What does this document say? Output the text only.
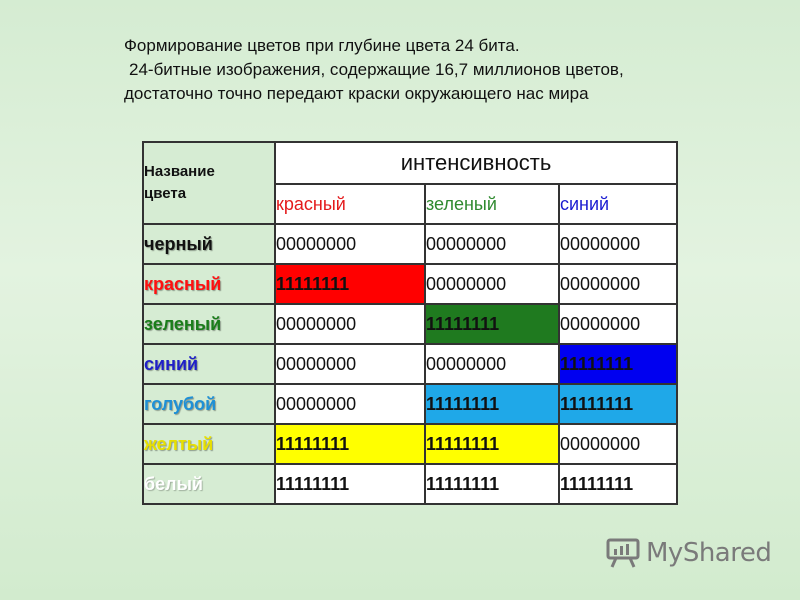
Формирование цветов при глубине цвета 24 бита.
24-битные изображения, содержащие 16,7 миллионов цветов,
достаточно точно передают краски окружающего нас мира
Название
цвета	интенсивность		
	красный	зеленый	синий
черный	00000000	00000000	00000000
красный	11111111	00000000	00000000
зеленый	00000000	11111111	00000000
синий	00000000	00000000	11111111
голубой	00000000	11111111	11111111
желтый	11111111	11111111	00000000
белый	11111111	11111111	11111111
MyShared
